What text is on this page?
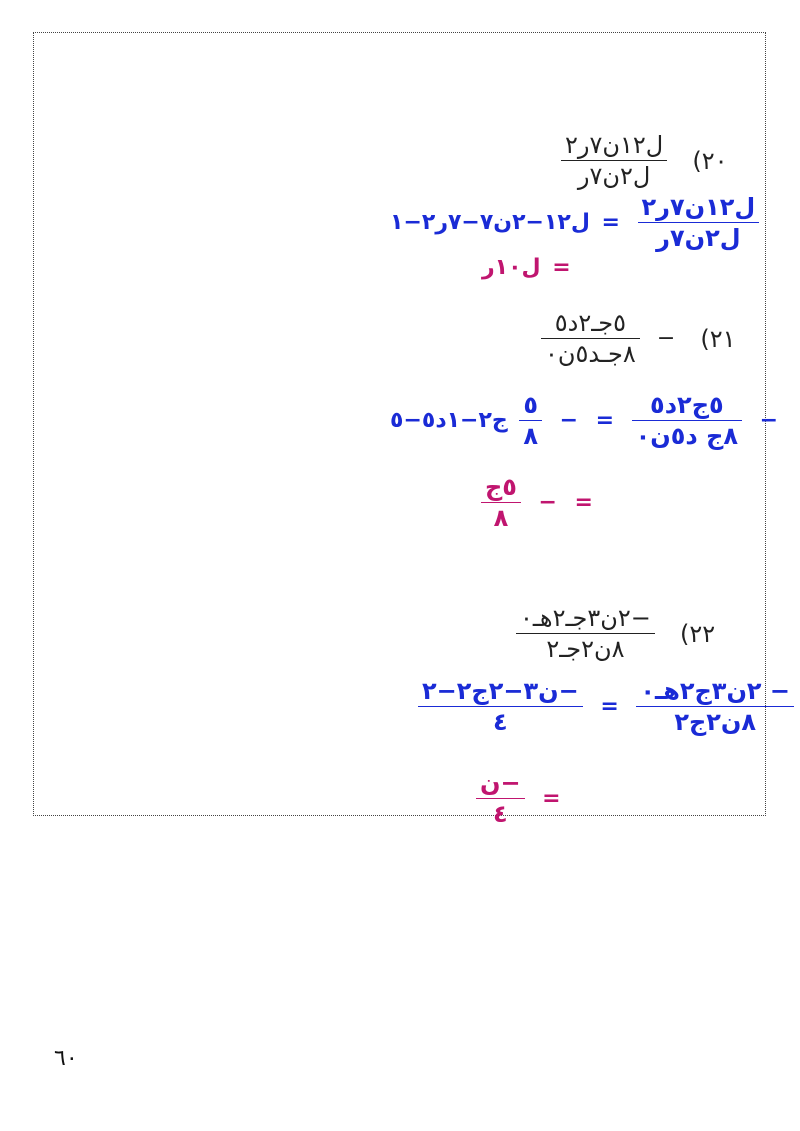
٢٠)
$\frac{\text{ل١٢ن٧ر٢}}{\text{ل٢ن٧ر}}$
$\frac{\text{ل١٢ن٧ر٢}}{\text{ل٢ن٧ر}}$
= ل١٢−٢ن٧−٧ر٢−١
= ل١٠ر
٢١) −
$\frac{\text{٥جـ٢د٥}}{\text{٨جـد٥ن٠}}$
−
$\frac{\text{٥ج٢د٥}}{\text{٨ج د٥ن٠}}$
= −
$\frac{٥}{٨}$
ج٢−١د٥−٥
= −
$\frac{\text{٥ج}}{٨}$
٢٢)
$\frac{\text{−٢ن٣جـ٢هـ٠}}{\text{٨ن٢جـ٢}}$
$\frac{\text{− ٢ن٣ج٢هـ٠}}{\text{٨ن٢ج٢}}$
=
$\frac{\text{−ن٣−٢ج٢−٢}}{٤}$
=
$\frac{\text{−ن}}{٤}$
٦٠
